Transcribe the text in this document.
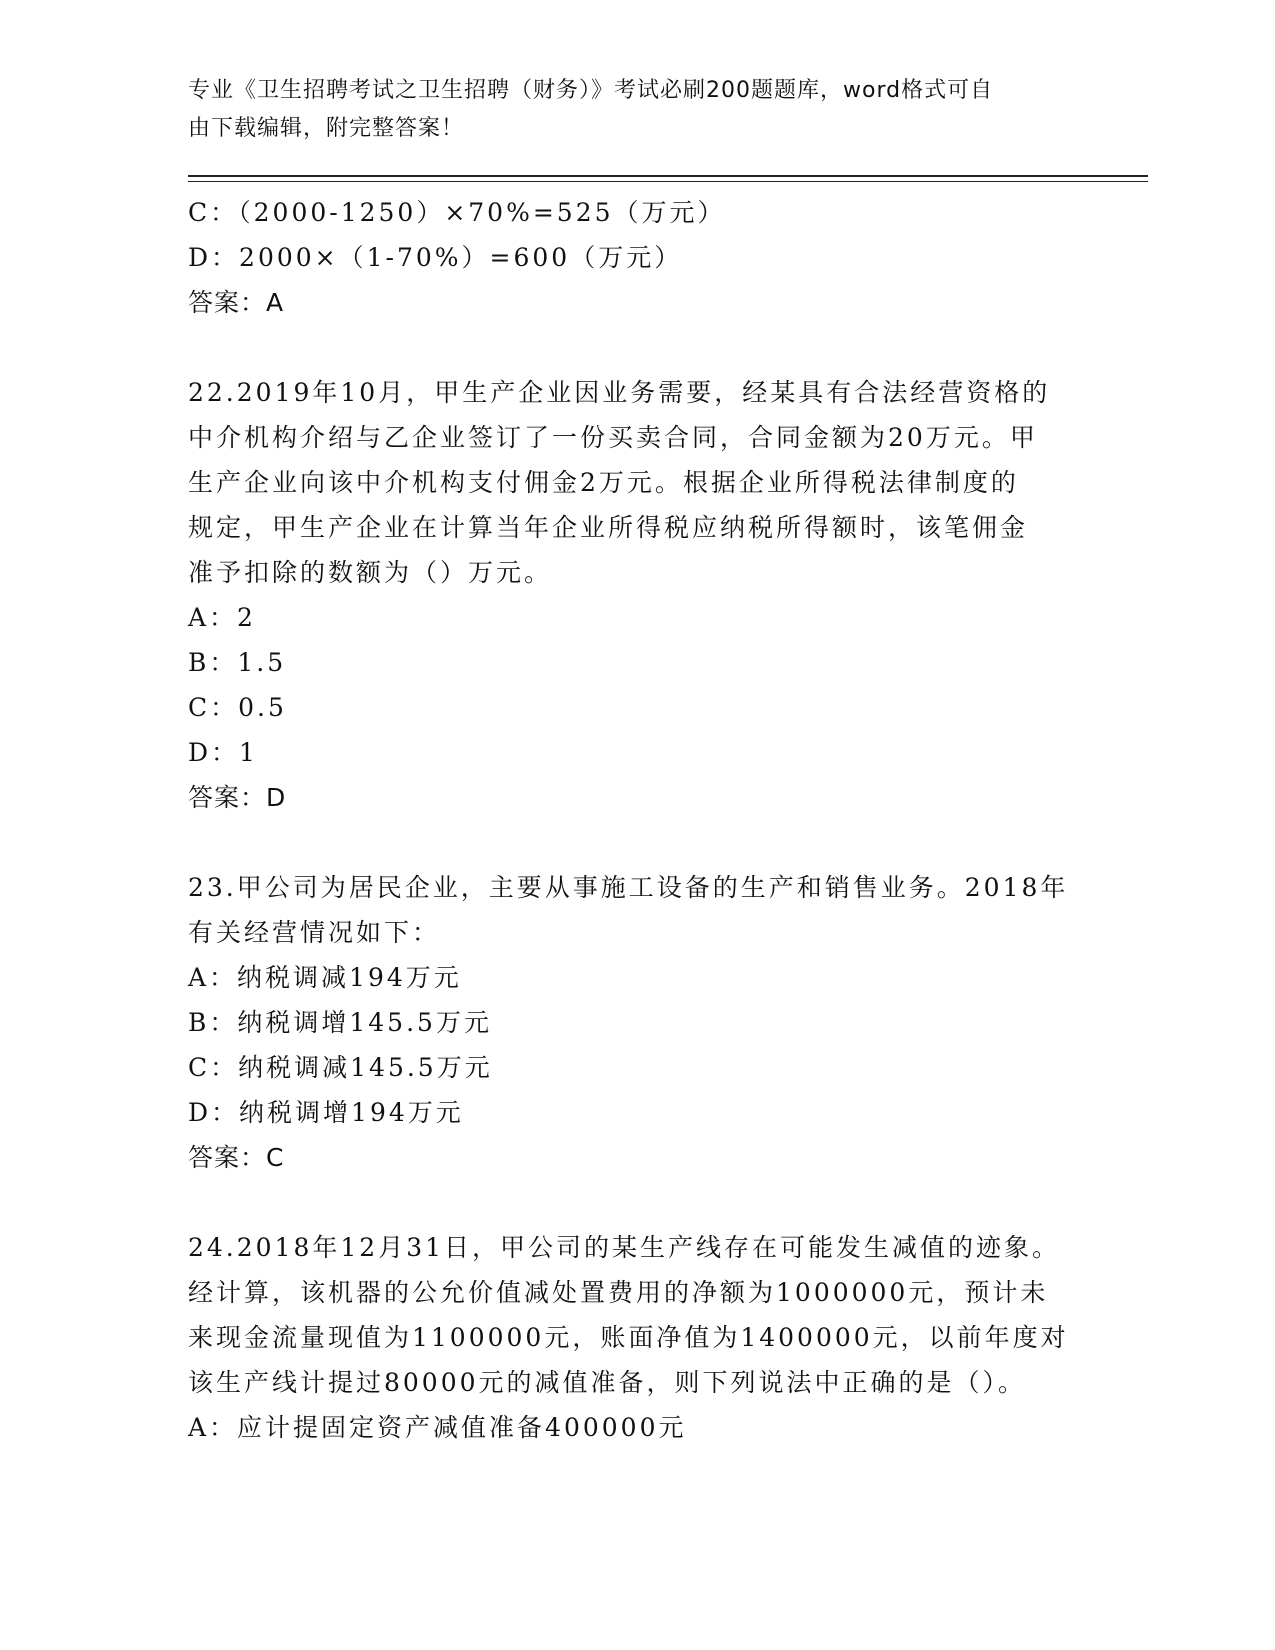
专业《卫生招聘考试之卫生招聘（财务）》考试必刷200题题库，word格式可自
由下载编辑，附完整答案！
C：（2000-1250）×70%=525（万元）
D：2000×（1-70%）=600（万元）
答案：A
22.2019年10月，甲生产企业因业务需要，经某具有合法经营资格的
中介机构介绍与乙企业签订了一份买卖合同，合同金额为20万元。甲
生产企业向该中介机构支付佣金2万元。根据企业所得税法律制度的
规定，甲生产企业在计算当年企业所得税应纳税所得额时，该笔佣金
准予扣除的数额为（）万元。
A：2
B：1.5
C：0.5
D：1
答案：D
23.甲公司为居民企业，主要从事施工设备的生产和销售业务。2018年
有关经营情况如下：
A：纳税调减194万元
B：纳税调增145.5万元
C：纳税调减145.5万元
D：纳税调增194万元
答案：C
24.2018年12月31日，甲公司的某生产线存在可能发生减值的迹象。
经计算，该机器的公允价值减处置费用的净额为1000000元，预计未
来现金流量现值为1100000元，账面净值为1400000元，以前年度对
该生产线计提过80000元的减值准备，则下列说法中正确的是（）。
A：应计提固定资产减值准备400000元
